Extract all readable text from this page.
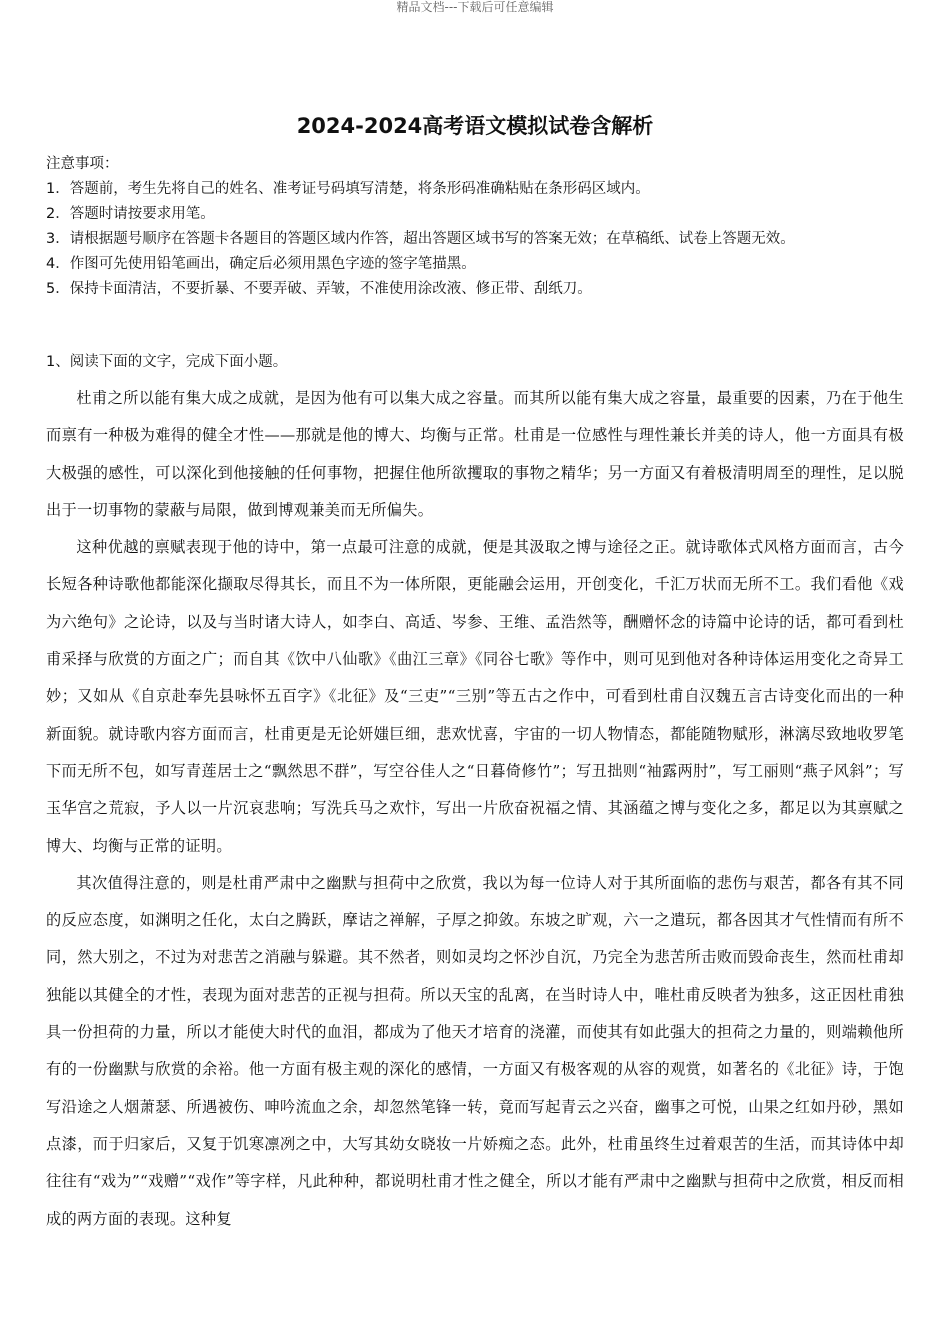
精品文档---下载后可任意编辑
2024-2024高考语文模拟试卷含解析
注意事项：
1．答题前，考生先将自己的姓名、准考证号码填写清楚，将条形码准确粘贴在条形码区域内。
2．答题时请按要求用笔。
3．请根据题号顺序在答题卡各题目的答题区域内作答，超出答题区域书写的答案无效；在草稿纸、试卷上答题无效。
4．作图可先使用铅笔画出，确定后必须用黑色字迹的签字笔描黑。
5．保持卡面清洁，不要折暴、不要弄破、弄皱，不准使用涂改液、修正带、刮纸刀。
1、阅读下面的文字，完成下面小题。

杜甫之所以能有集大成之成就，是因为他有可以集大成之容量。而其所以能有集大成之容量，最重要的因素，乃在于他生而禀有一种极为难得的健全才性——那就是他的博大、均衡与正常。杜甫是一位感性与理性兼长并美的诗人，他一方面具有极大极强的感性，可以深化到他接触的任何事物，把握住他所欲攫取的事物之精华；另一方面又有着极清明周至的理性，足以脱出于一切事物的蒙蔽与局限，做到博观兼美而无所偏失。

这种优越的禀赋表现于他的诗中，第一点最可注意的成就，便是其汲取之博与途径之正。就诗歌体式风格方面而言，古今长短各种诗歌他都能深化撷取尽得其长，而且不为一体所限，更能融会运用，开创变化，千汇万状而无所不工。我们看他《戏为六绝句》之论诗，以及与当时诸大诗人，如李白、高适、岑参、王维、孟浩然等，酬赠怀念的诗篇中论诗的话，都可看到杜甫采择与欣赏的方面之广；而自其《饮中八仙歌》《曲江三章》《同谷七歌》等作中，则可见到他对各种诗体运用变化之奇异工妙；又如从《自京赴奉先县咏怀五百字》《北征》及“三吏”“三别”等五古之作中，可看到杜甫自汉魏五言古诗变化而出的一种新面貌。就诗歌内容方面而言，杜甫更是无论妍媸巨细，悲欢忧喜，宇宙的一切人物情态，都能随物赋形，淋漓尽致地收罗笔下而无所不包，如写青莲居士之“飘然思不群”，写空谷佳人之“日暮倚修竹”；写丑拙则“袖露两肘”，写工丽则“燕子风斜”；写玉华宫之荒寂，予人以一片沉哀悲响；写洗兵马之欢忭，写出一片欣奋祝福之情、其涵蕴之博与变化之多，都足以为其禀赋之博大、均衡与正常的证明。

其次值得注意的，则是杜甫严肃中之幽默与担荷中之欣赏，我以为每一位诗人对于其所面临的悲伤与艰苦，都各有其不同的反应态度，如渊明之任化，太白之腾跃，摩诘之禅解，子厚之抑敛。东坡之旷观，六一之遣玩，都各因其才气性情而有所不同，然大别之，不过为对悲苦之消融与躲避。其不然者，则如灵均之怀沙自沉，乃完全为悲苦所击败而毁命丧生，然而杜甫却独能以其健全的才性，表现为面对悲苦的正视与担荷。所以天宝的乱离，在当时诗人中，唯杜甫反映者为独多，这正因杜甫独具一份担荷的力量，所以才能使大时代的血泪，都成为了他天才培育的浇灌，而使其有如此强大的担荷之力量的，则端赖他所有的一份幽默与欣赏的余裕。他一方面有极主观的深化的感情，一方面又有极客观的从容的观赏，如著名的《北征》诗，于饱写沿途之人烟萧瑟、所遇被伤、呻吟流血之余，却忽然笔锋一转，竟而写起青云之兴奋，幽事之可悦，山果之红如丹砂，黑如点漆，而于归家后，又复于饥寒凛冽之中，大写其幼女晓妆一片娇痴之态。此外，杜甫虽终生过着艰苦的生活，而其诗体中却往往有“戏为”“戏赠”“戏作”等字样，凡此种种，都说明杜甫才性之健全，所以才能有严肃中之幽默与担荷中之欣赏，相反而相成的两方面的表现。这种复
